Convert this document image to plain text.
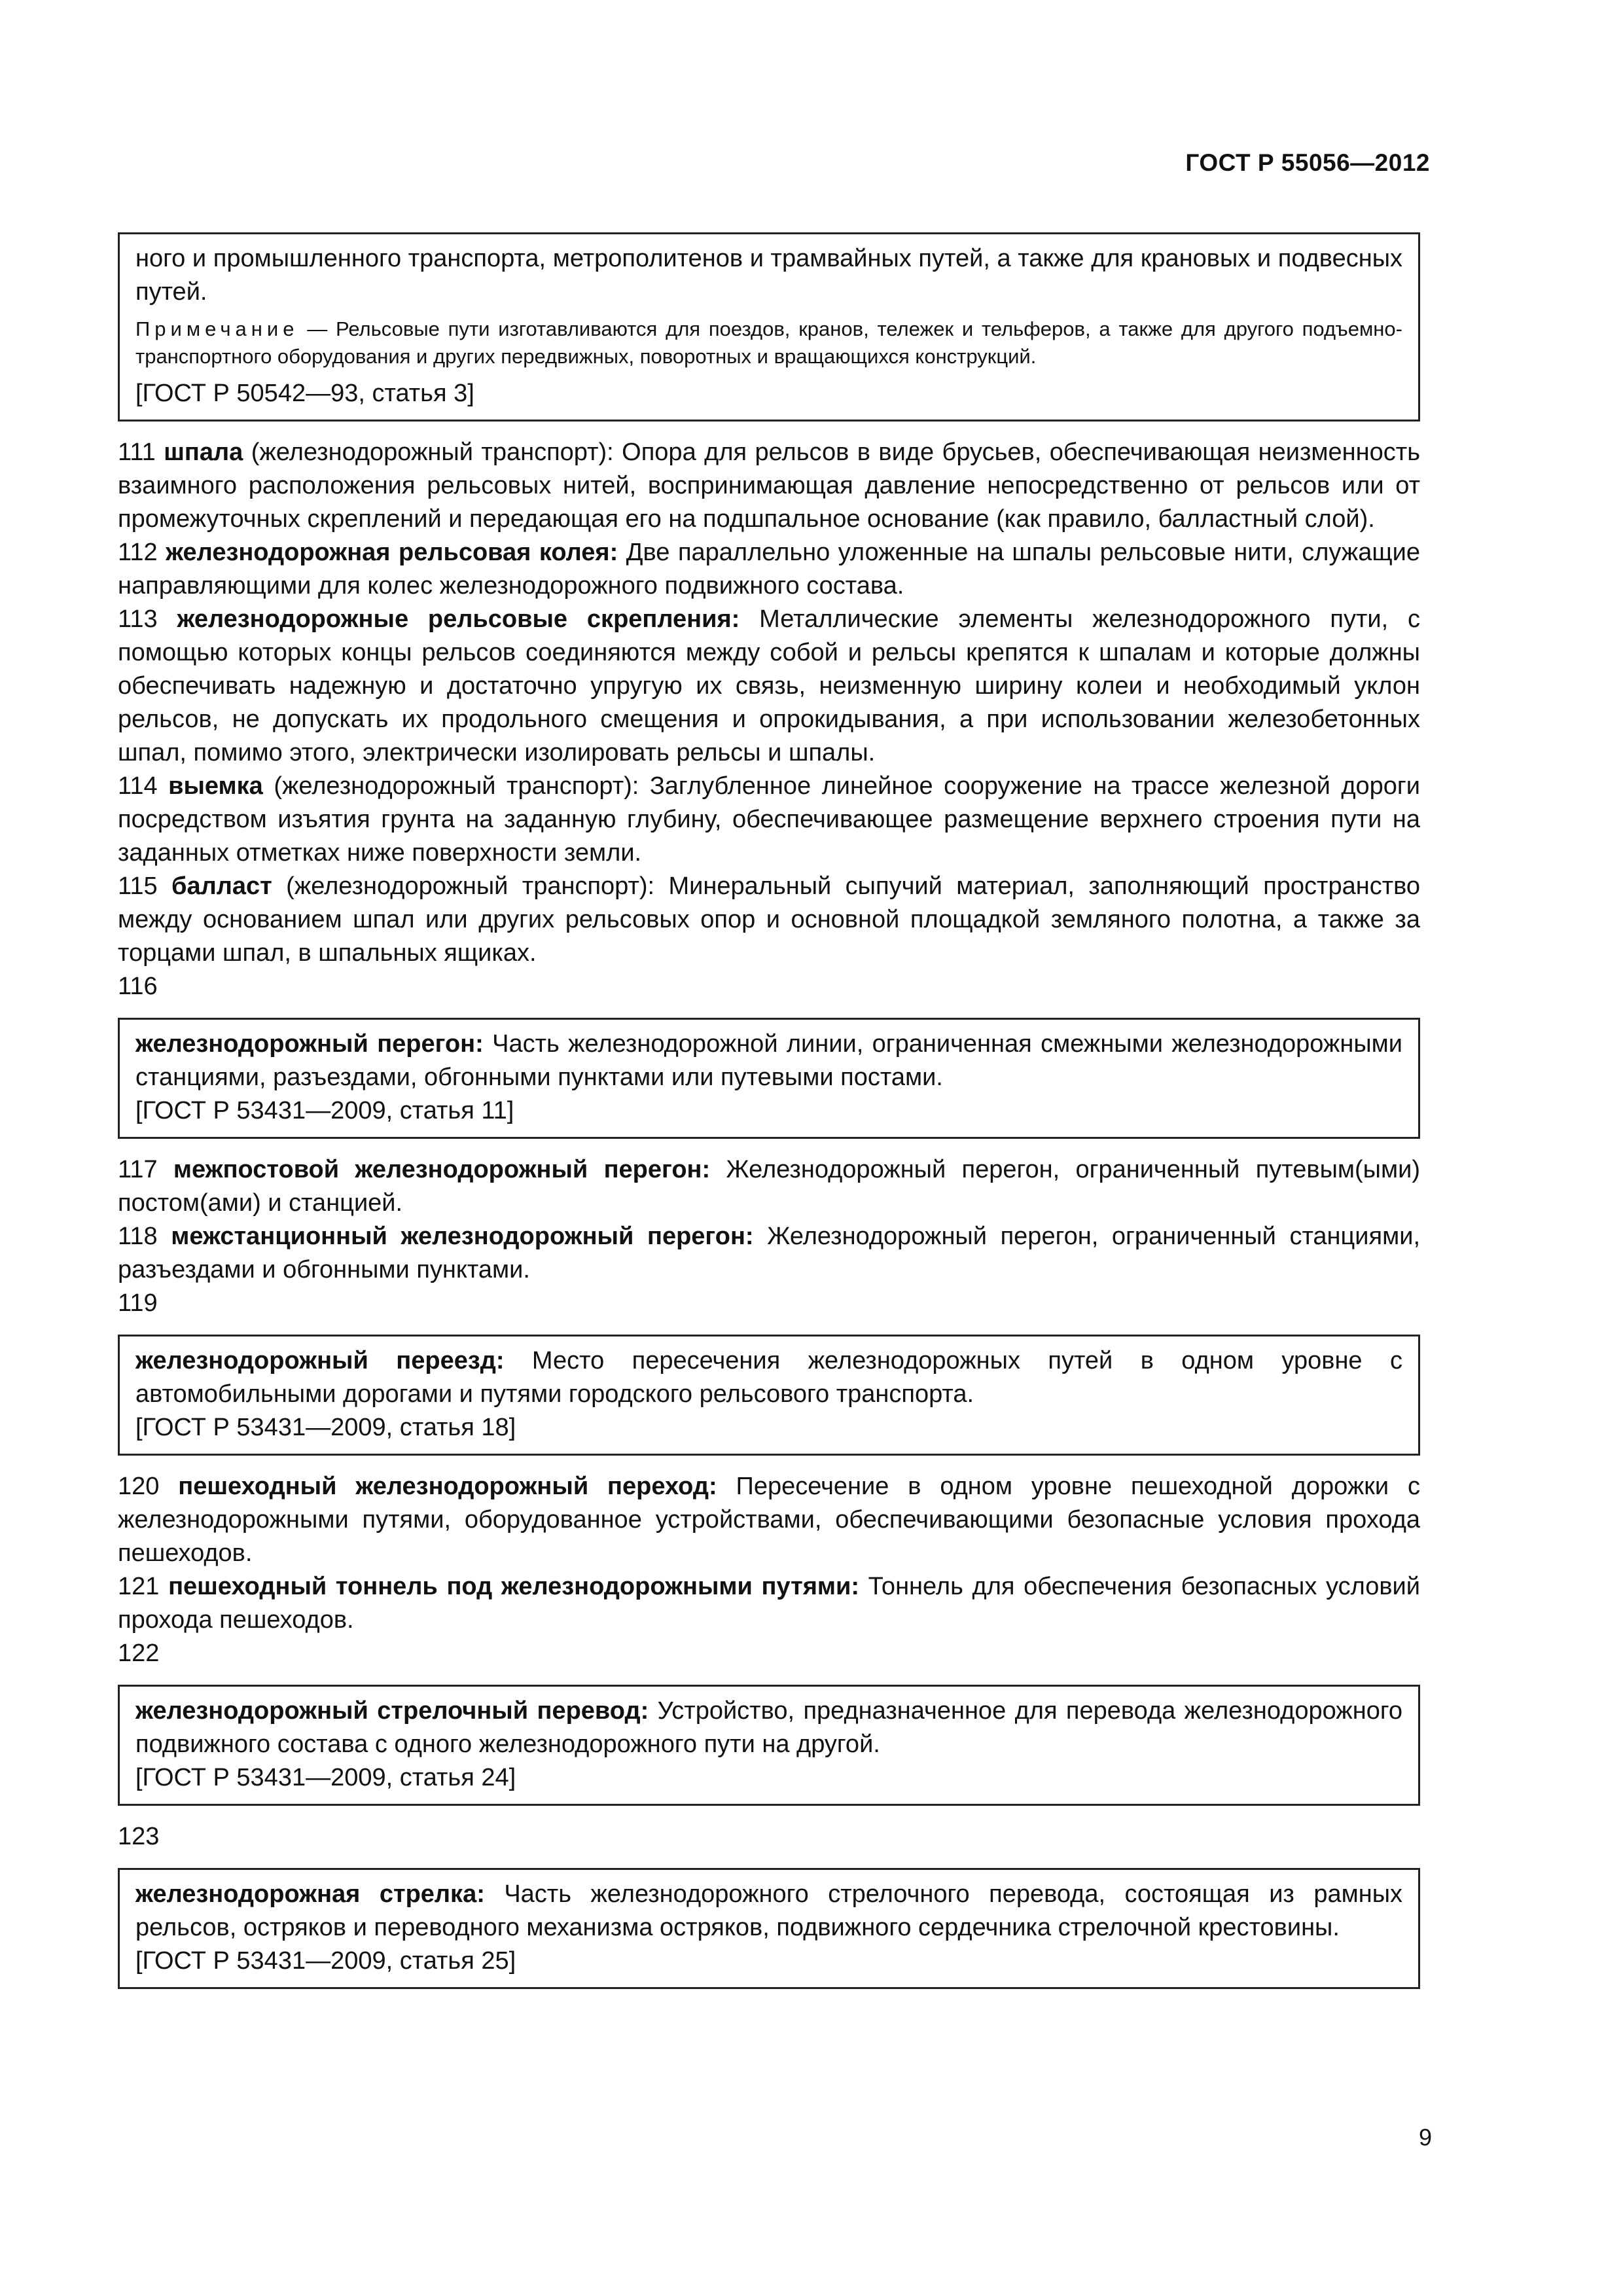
ГОСТ Р 55056—2012

ного и промышленного транспорта, метрополитенов и трамвайных путей, а также для крановых и подвесных путей.

Примечание — Рельсовые пути изготавливаются для поездов, кранов, тележек и тельферов, а также для другого подъемно-транспортного оборудования и других передвижных, поворотных и вращающихся конструкций.

[ГОСТ Р 50542—93, статья 3]

111 шпала (железнодорожный транспорт): Опора для рельсов в виде брусьев, обеспечивающая неизменность взаимного расположения рельсовых нитей, воспринимающая давление непосредственно от рельсов или от промежуточных скреплений и передающая его на подшпальное основание (как правило, балластный слой).

112 железнодорожная рельсовая колея: Две параллельно уложенные на шпалы рельсовые нити, служащие направляющими для колес железнодорожного подвижного состава.

113 железнодорожные рельсовые скрепления: Металлические элементы железнодорожного пути, с помощью которых концы рельсов соединяются между собой и рельсы крепятся к шпалам и которые должны обеспечивать надежную и достаточно упругую их связь, неизменную ширину колеи и необходимый уклон рельсов, не допускать их продольного смещения и опрокидывания, а при использовании железобетонных шпал, помимо этого, электрически изолировать рельсы и шпалы.

114 выемка (железнодорожный транспорт): Заглубленное линейное сооружение на трассе железной дороги посредством изъятия грунта на заданную глубину, обеспечивающее размещение верхнего строения пути на заданных отметках ниже поверхности земли.

115 балласт (железнодорожный транспорт): Минеральный сыпучий материал, заполняющий пространство между основанием шпал или других рельсовых опор и основной площадкой земляного полотна, а также за торцами шпал, в шпальных ящиках.

116

железнодорожный перегон: Часть железнодорожной линии, ограниченная смежными железнодорожными станциями, разъездами, обгонными пунктами или путевыми постами.

[ГОСТ Р 53431—2009, статья 11]

117 межпостовой железнодорожный перегон: Железнодорожный перегон, ограниченный путевым(ыми) постом(ами) и станцией.

118 межстанционный железнодорожный перегон: Железнодорожный перегон, ограниченный станциями, разъездами и обгонными пунктами.

119

железнодорожный переезд: Место пересечения железнодорожных путей в одном уровне с автомобильными дорогами и путями городского рельсового транспорта.

[ГОСТ Р 53431—2009, статья 18]

120 пешеходный железнодорожный переход: Пересечение в одном уровне пешеходной дорожки с железнодорожными путями, оборудованное устройствами, обеспечивающими безопасные условия прохода пешеходов.

121 пешеходный тоннель под железнодорожными путями: Тоннель для обеспечения безопасных условий прохода пешеходов.

122

железнодорожный стрелочный перевод: Устройство, предназначенное для перевода железнодорожного подвижного состава с одного железнодорожного пути на другой.

[ГОСТ Р 53431—2009, статья 24]

123

железнодорожная стрелка: Часть железнодорожного стрелочного перевода, состоящая из рамных рельсов, остряков и переводного механизма остряков, подвижного сердечника стрелочной крестовины.

[ГОСТ Р 53431—2009, статья 25]

9
